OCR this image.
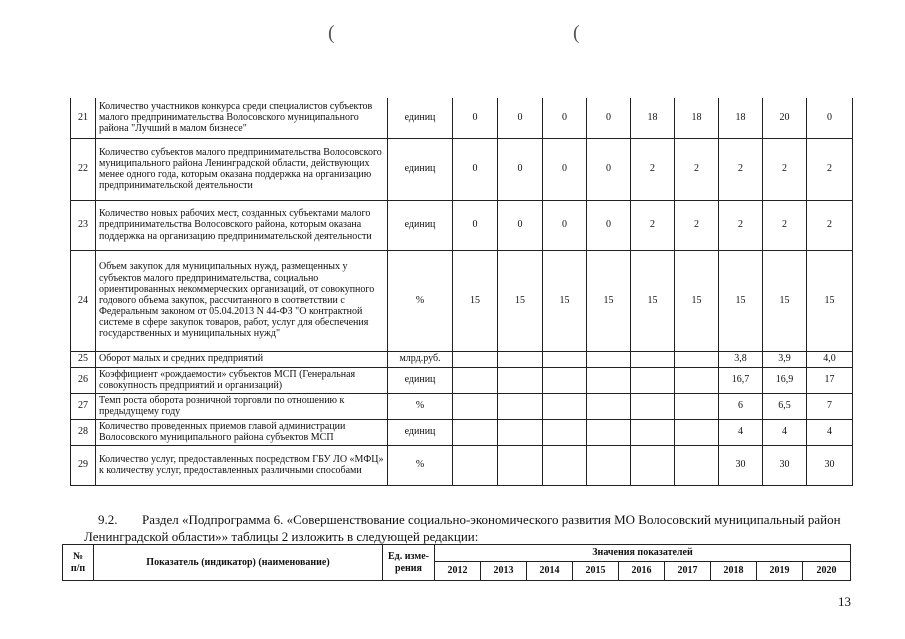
(	(
21	Количество участников конкурса среди специалистов субъектов малого предпринимательства Волосовского муниципального района "Лучший в малом бизнесе"	единиц	0	0	0	0	18	18	18	20	0
22	Количество субъектов малого предпринимательства Волосовского муниципального района Ленинградской области, действующих менее одного года, которым оказана поддержка на организацию предпринимательской деятельности	единиц	0	0	0	0	2	2	2	2	2
23	Количество новых рабочих мест, созданных субъектами малого предпринимательства Волосовского района, которым оказана поддержка на организацию предпринимательской деятельности	единиц	0	0	0	0	2	2	2	2	2
24	Объем закупок для муниципальных нужд, размещенных у субъектов малого предпринимательства, социально ориентированных некоммерческих организаций, от совокупного годового объема закупок, рассчитанного в соответствии с Федеральным законом от 05.04.2013 N 44-ФЗ "О контрактной системе в сфере закупок товаров, работ, услуг для обеспечения государственных и муниципальных нужд"	%	15	15	15	15	15	15	15	15	15
25	Оборот малых и средних предприятий	млрд.руб.							3,8	3,9	4,0
26	Коэффициент «рождаемости» субъектов МСП (Генеральная совокупность предприятий и организаций)	единиц							16,7	16,9	17
27	Темп роста оборота розничной торговли по отношению к предыдущему году	%							6	6,5	7
28	Количество проведенных приемов главой администрации Волосовского муниципального района субъектов МСП	единиц							4	4	4
29	Количество услуг, предоставленных посредством ГБУ ЛО «МФЦ» к количеству услуг, предоставленных различными способами	%							30	30	30
9.2. Раздел «Подпрограмма 6. «Совершенствование социально-экономического развития МО Волосовский муниципальный район
Ленинградской области»» таблицы 2 изложить в следующей редакции:
№
п/п	Показатель (индикатор) (наименование)	Ед. изме-рения	Значения показателей								
			2012	2013	2014	2015	2016	2017	2018	2019	2020
13
